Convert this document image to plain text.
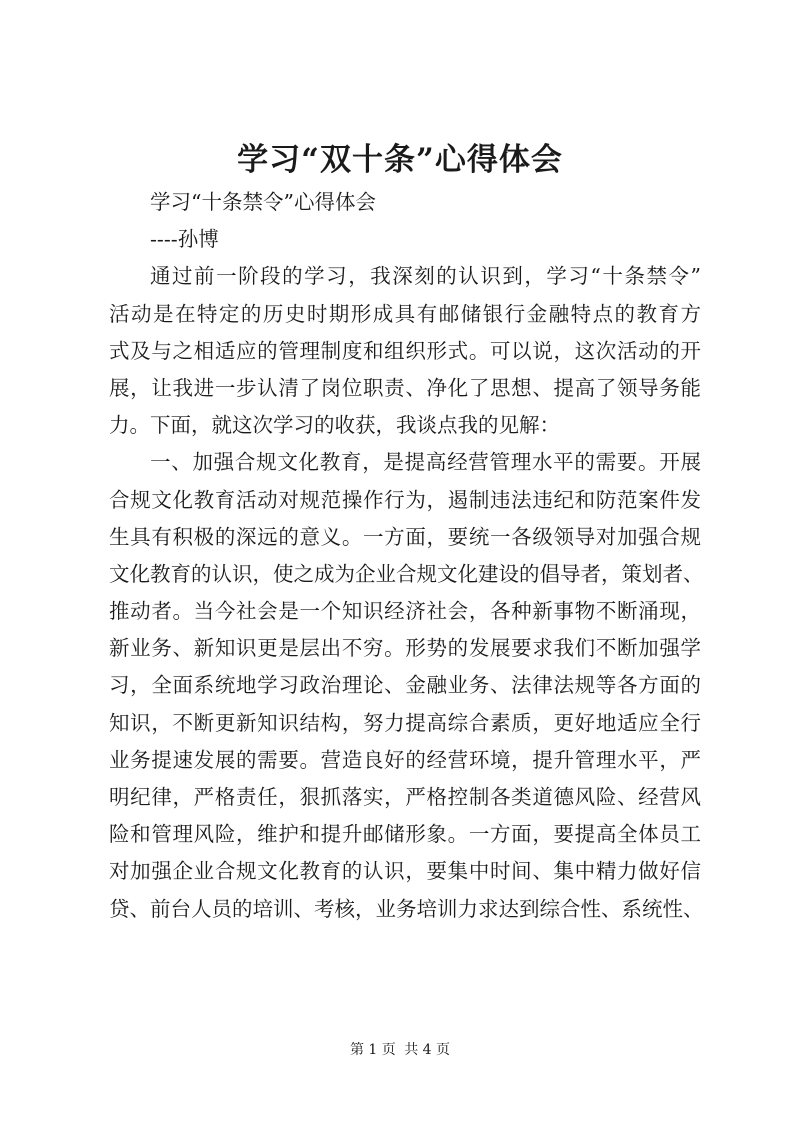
学习“双十条”心得体会
学习“十条禁令”心得体会
----孙博
通过前一阶段的学习，我深刻的认识到，学习“十条禁令”
活动是在特定的历史时期形成具有邮储银行金融特点的教育方
式及与之相适应的管理制度和组织形式。可以说，这次活动的开
展，让我进一步认清了岗位职责、净化了思想、提高了领导务能
力。下面，就这次学习的收获，我谈点我的见解：
一、加强合规文化教育，是提高经营管理水平的需要。开展
合规文化教育活动对规范操作行为，遏制违法违纪和防范案件发
生具有积极的深远的意义。一方面，要统一各级领导对加强合规
文化教育的认识，使之成为企业合规文化建设的倡导者，策划者、
推动者。当今社会是一个知识经济社会，各种新事物不断涌现，
新业务、新知识更是层出不穷。形势的发展要求我们不断加强学
习，全面系统地学习政治理论、金融业务、法律法规等各方面的
知识，不断更新知识结构，努力提高综合素质，更好地适应全行
业务提速发展的需要。营造良好的经营环境，提升管理水平，严
明纪律，严格责任，狠抓落实，严格控制各类道德风险、经营风
险和管理风险，维护和提升邮储形象。一方面，要提高全体员工
对加强企业合规文化教育的认识，要集中时间、集中精力做好信
贷、前台人员的培训、考核，业务培训力求达到综合性、系统性、
第 1 页 共 4 页
